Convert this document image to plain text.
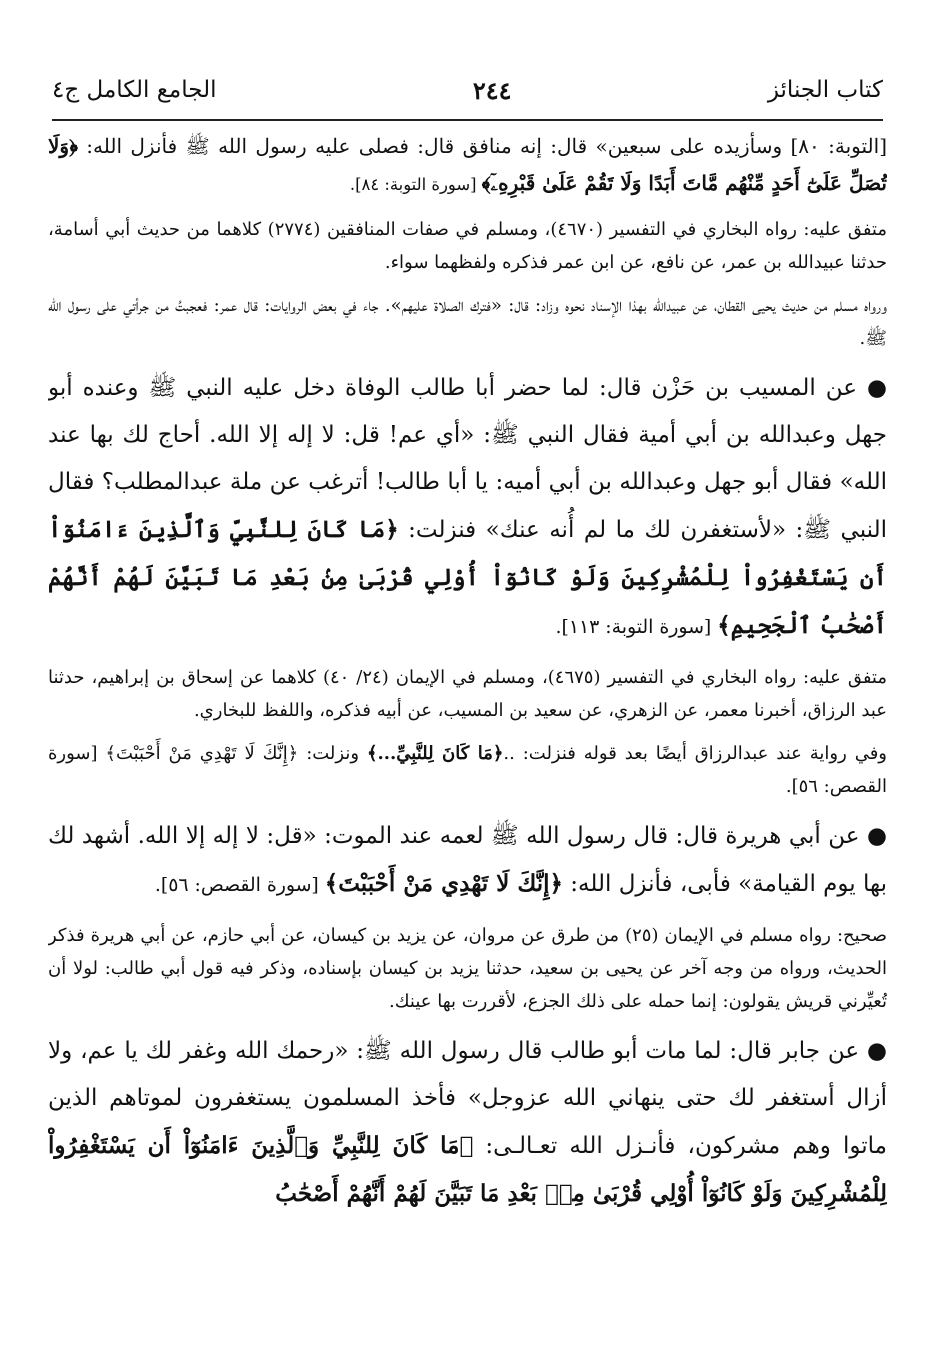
كتاب الجنائز
٢٤٤
الجامع الكامل ج٤

[التوبة: ٨٠] وسأزيده على سبعين» قال: إنه منافق قال: فصلى عليه رسول الله ﷺ فأنزل الله: ﴿وَلَا تُصَلِّ عَلَىٰٓ أَحَدٍ مِّنْهُم مَّاتَ أَبَدًا وَلَا تَقُمْ عَلَىٰ قَبْرِهِۦٓ﴾ [سورة التوبة: ٨٤].

متفق عليه: رواه البخاري في التفسير (٤٦٧٠)، ومسلم في صفات المنافقين (٢٧٧٤) كلاهما من حديث أبي أسامة، حدثنا عبيدالله بن عمر، عن نافع، عن ابن عمر فذكره ولفظهما سواء.

ورواه مسلم من حديث يحيى القطان، عن عبيدالله بهذا الإسناد نحوه وزاد: قال: «فترك الصلاة عليهم». جاء في بعض الروايات: قال عمر: فعجبتُ من جرأتي على رسول الله ﷺ.

● عن المسيب بن حَزْن قال: لما حضر أبا طالب الوفاة دخل عليه النبي ﷺ وعنده أبو جهل وعبدالله بن أبي أمية فقال النبي ﷺ: «أي عم! قل: لا إله إلا الله. أحاج لك بها عند الله» فقال أبو جهل وعبدالله بن أبي أميه: يا أبا طالب! أترغب عن ملة عبدالمطلب؟ فقال النبي ﷺ: «لأستغفرن لك ما لم أُنه عنك» فنزلت: ﴿مَا كَانَ لِلنَّبِيِّ وَٱلَّذِينَ ءَامَنُوٓاْ أَن يَسْتَغْفِرُواْ لِلْمُشْرِكِينَ وَلَوْ كَانُوٓاْ أُوْلِي قُرْبَىٰ مِنۢ بَعْدِ مَا تَبَيَّنَ لَهُمْ أَنَّهُمْ أَصْحَٰبُ ٱلْجَحِيمِ﴾ [سورة التوبة: ١١٣].

متفق عليه: رواه البخاري في التفسير (٤٦٧٥)، ومسلم في الإيمان (٢٤/ ٤٠) كلاهما عن إسحاق بن إبراهيم، حدثنا عبد الرزاق، أخبرنا معمر، عن الزهري، عن سعيد بن المسيب، عن أبيه فذكره، واللفظ للبخاري.

وفي رواية عند عبدالرزاق أيضًا بعد قوله فنزلت: ..﴿مَا كَانَ لِلنَّبِيِّ...﴾ ونزلت: ﴿إِنَّكَ لَا تَهْدِي مَنْ أَحْبَبْتَ﴾ [سورة القصص: ٥٦].

● عن أبي هريرة قال: قال رسول الله ﷺ لعمه عند الموت: «قل: لا إله إلا الله. أشهد لك بها يوم القيامة» فأبى، فأنزل الله: ﴿إِنَّكَ لَا تَهْدِي مَنْ أَحْبَبْتَ﴾ [سورة القصص: ٥٦].

صحيح: رواه مسلم في الإيمان (٢٥) من طرق عن مروان، عن يزيد بن كيسان، عن أبي حازم، عن أبي هريرة فذكر الحديث، ورواه من وجه آخر عن يحيى بن سعيد، حدثنا يزيد بن كيسان بإسناده، وذكر فيه قول أبي طالب: لولا أن تُعيِّرني قريش يقولون: إنما حمله على ذلك الجزع، لأقررت بها عينك.

● عن جابر قال: لما مات أبو طالب قال رسول الله ﷺ: «رحمك الله وغفر لك يا عم، ولا أزال أستغفر لك حتى ينهاني الله عزوجل» فأخذ المسلمون يستغفرون لموتاهم الذين ماتوا وهم مشركون، فأنـزل الله تعـالـى: ﴿مَا كَانَ لِلنَّبِيِّ وَٱلَّذِينَ ءَامَنُوٓاْ أَن يَسْتَغْفِرُواْ لِلْمُشْرِكِينَ وَلَوْ كَانُوٓاْ أُوْلِي قُرْبَىٰ مِنۢ بَعْدِ مَا تَبَيَّنَ لَهُمْ أَنَّهُمْ أَصْحَٰبُ
